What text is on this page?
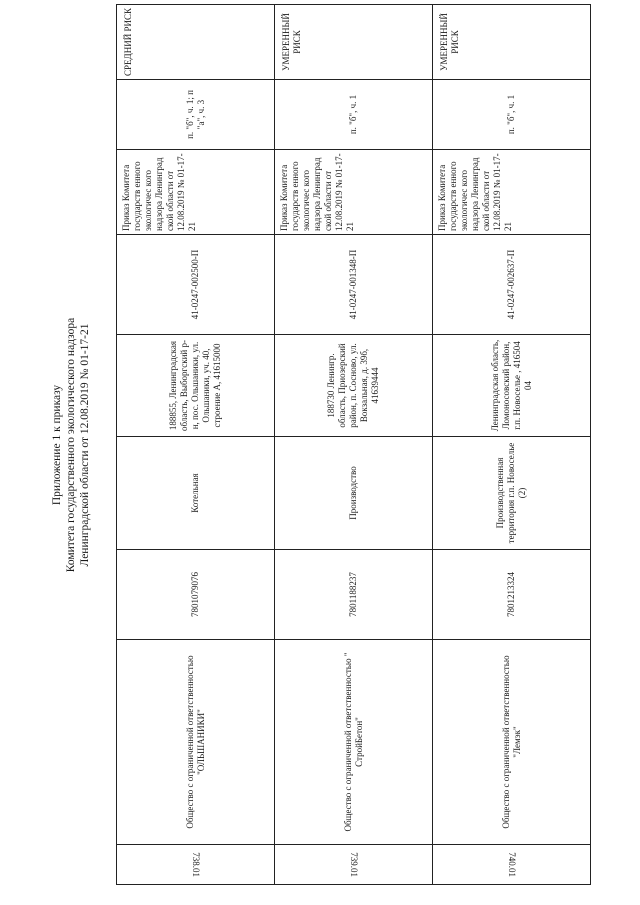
Приложение 1 к приказу Комитета государственного экологического надзора Ленинградской области от 12.08.2019 № 01-17-21
738.01	Общество с ограниченной ответственностью "ОЛЬШАНИКИ"	7801079076	Котельная	188855, Ленинградская область, Выборгский р-н, пос. Ольшаники, ул. Ольшаники, уч. 40, строение А, 41615000	41-0247-002500-П	Приказ Комитета государств енного экологичес кого надзора Ленинград ской области от 12.08.2019 № 01-17-21	п. "б", ч. 1; п "а", ч. 3	СРЕДНИЙ РИСК
739.01	Общество с ограниченной ответственностью " СтройБетон"	7801188237	Производство	188730 Ленингр. область, Приозерский район, п. Сосново, ул. Вокзальная, д. 39б, 41639444	41-0247-001348-П	Приказ Комитета государств енного экологичес кого надзора Ленинград ской области от 12.08.2019 № 01-17-21	п. "б", ч. 1	УМЕРЕННЫЙ РИСК
740.01	Общество с ограниченной ответственностью "Лемэк"	7801213324	Производственная территория г.п. Новоселье (2)	Ленинградская область, Ломоносовский район, г.п. Новоселье , 416504 04	41-0247-002637-П	Приказ Комитета государств енного экологичес кого надзора Ленинград ской области от 12.08.2019 № 01-17-21	п. "б", ч. 1	УМЕРЕННЫЙ РИСК
